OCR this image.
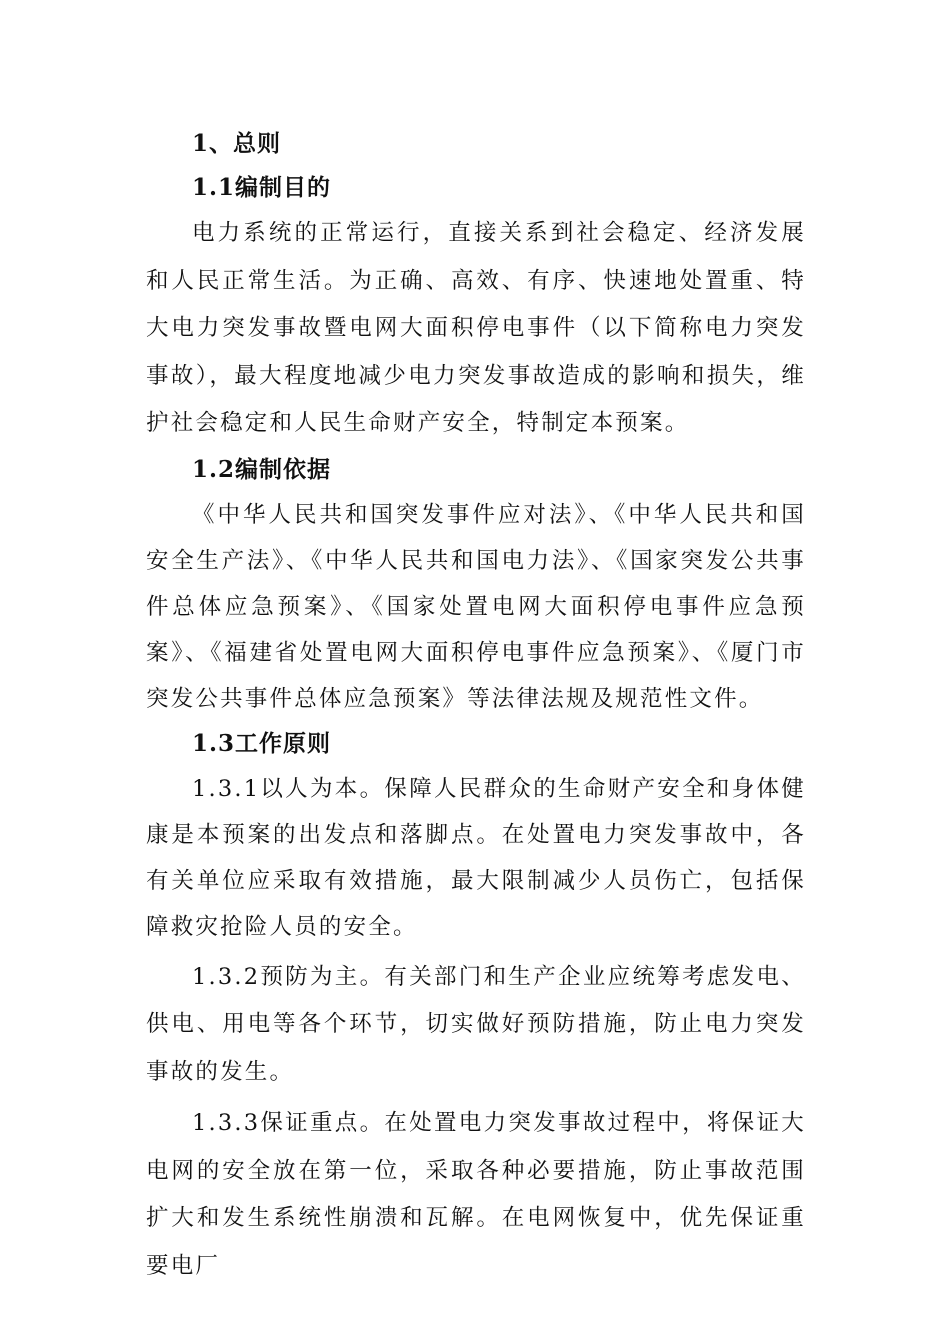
1、总则

1.1编制目的

电力系统的正常运行，直接关系到社会稳定、经济发展和人民正常生活。为正确、高效、有序、快速地处置重、特大电力突发事故暨电网大面积停电事件（以下简称电力突发事故），最大程度地减少电力突发事故造成的影响和损失，维护社会稳定和人民生命财产安全，特制定本预案。

1.2编制依据

《中华人民共和国突发事件应对法》、《中华人民共和国安全生产法》、《中华人民共和国电力法》、《国家突发公共事件总体应急预案》、《国家处置电网大面积停电事件应急预案》、《福建省处置电网大面积停电事件应急预案》、《厦门市突发公共事件总体应急预案》等法律法规及规范性文件。

1.3工作原则

1.3.1以人为本。保障人民群众的生命财产安全和身体健康是本预案的出发点和落脚点。在处置电力突发事故中，各有关单位应采取有效措施，最大限制减少人员伤亡，包括保障救灾抢险人员的安全。

1.3.2预防为主。有关部门和生产企业应统筹考虑发电、供电、用电等各个环节，切实做好预防措施，防止电力突发事故的发生。

1.3.3保证重点。在处置电力突发事故过程中，将保证大电网的安全放在第一位，采取各种必要措施，防止事故范围扩大和发生系统性崩溃和瓦解。在电网恢复中，优先保证重要电厂
